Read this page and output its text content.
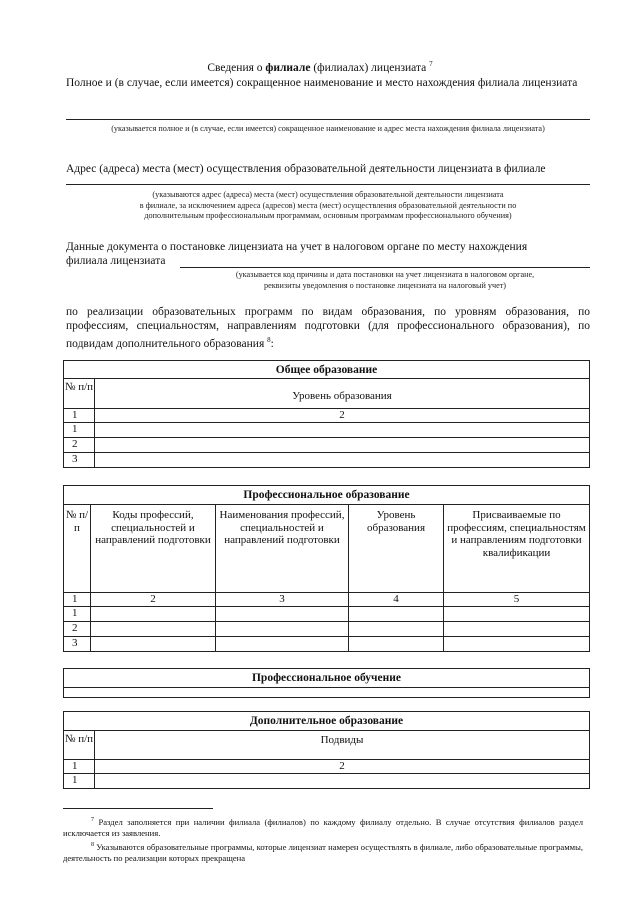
Сведения о филиале (филиалах) лицензиата $^7$
Полное и (в случае, если имеется) сокращенное наименование и место нахождения филиала лицензиата
(указывается полное и (в случае, если имеется) сокращенное наименование и адрес места нахождения филиала лицензиата)
Адрес (адреса) места (мест) осуществления образовательной деятельности лицензиата в филиале
(указываются адрес (адреса) места (мест) осуществления образовательной деятельности лицензиата
в филиале, за исключением адреса (адресов) места (мест) осуществления образовательной деятельности по
дополнительным профессиональным программам, основным программам профессионального обучения)
Данные документа о постановке лицензиата на учет в налоговом органе по месту нахождения
филиала лицензиата
(указывается код причины и дата постановки на учет лицензиата в налоговом органе,
реквизиты уведомления о постановке лицензиата на налоговый учет)
по реализации образовательных программ по видам образования, по уровням образования, по профессиям, специальностям, направлениям подготовки (для профессионального образования), по подвидам дополнительного образования $^8$:
Общее образование	
№ п/п	Уровень образования
1	2
1	
2	
3	
Профессиональное образование				
№ п/п	Коды профессий, специальностей и направлений подготовки	Наименования профессий, специальностей и направлений подготовки	Уровень образования	Присваиваемые по профессиям, специальностям и направлениям подготовки квалификации
1	2	3	4	5
1				
2				
3				
Профессиональное обучение

Дополнительное образование	
№ п/п	Подвиды
1	2
1	
$^7$ Раздел заполняется при наличии филиала (филиалов) по каждому филиалу отдельно. В случае отсутствия филиалов раздел исключается из заявления.
$^8$ Указываются образовательные программы, которые лицензиат намерен осуществлять в филиале, либо образовательные программы, деятельность по реализации которых прекращена
